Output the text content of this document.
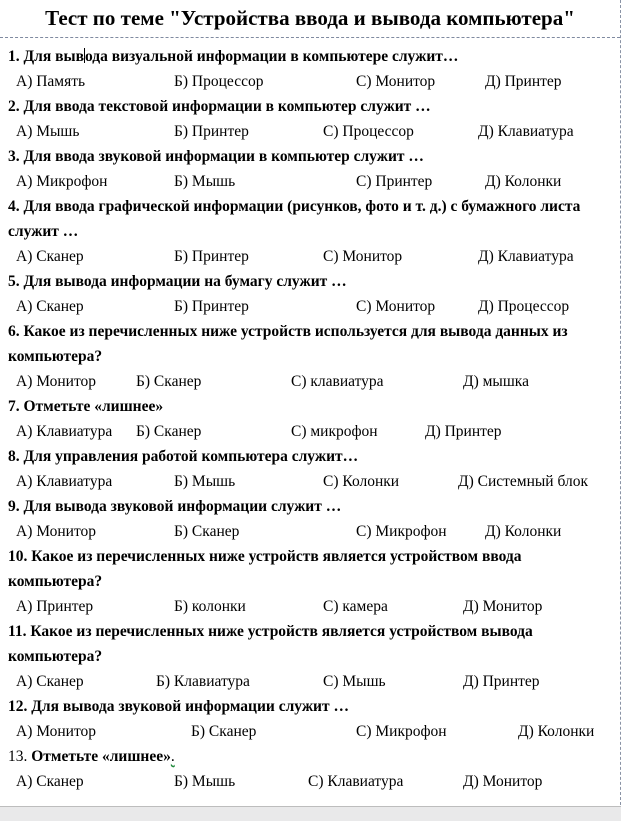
Тест по теме "Устройства ввода и вывода компьютера"
1. Для вывода визуальной информации в компьютере служит…
А) Память	Б) Процессор	С) Монитор	Д) Принтер
2. Для ввода текстовой информации в компьютер служит …
А) Мышь	Б) Принтер	С) Процессор	Д) Клавиатура
3. Для ввода звуковой информации в компьютер служит …
А) Микрофон	Б) Мышь	С) Принтер	Д) Колонки
4. Для ввода графической информации (рисунков, фото и т. д.) с бумажного листа служит …
А) Сканер	Б) Принтер	С) Монитор	Д) Клавиатура
5. Для вывода информации на бумагу служит …
А) Сканер	Б) Принтер	С) Монитор	Д) Процессор
6. Какое из перечисленных ниже устройств используется для вывода данных из компьютера?
А) Монитор	Б) Сканер	С) клавиатура	Д) мышка
7. Отметьте «лишнее»
А) Клавиатура Б) Сканер	С) микрофон	Д) Принтер
8. Для управления работой компьютера служит…
А) Клавиатура	Б) Мышь	С) Колонки	Д) Системный блок
9. Для вывода звуковой информации служит …
А) Монитор	Б) Сканер	С) Микрофон Д) Колонки
10. Какое из перечисленных ниже устройств является устройством ввода компьютера?
А) Принтер	Б) колонки	С) камера	Д) Монитор
11. Какое из перечисленных ниже устройств является устройством вывода компьютера?
А) Сканер	Б) Клавиатура	С) Мышь	Д) Принтер
12. Для вывода звуковой информации служит …
А) Монитор	Б) Сканер	С) Микрофон	Д) Колонки
13. Отметьте «лишнее».
А) Сканер	Б) Мышь	С) Клавиатура	Д) Монитор
